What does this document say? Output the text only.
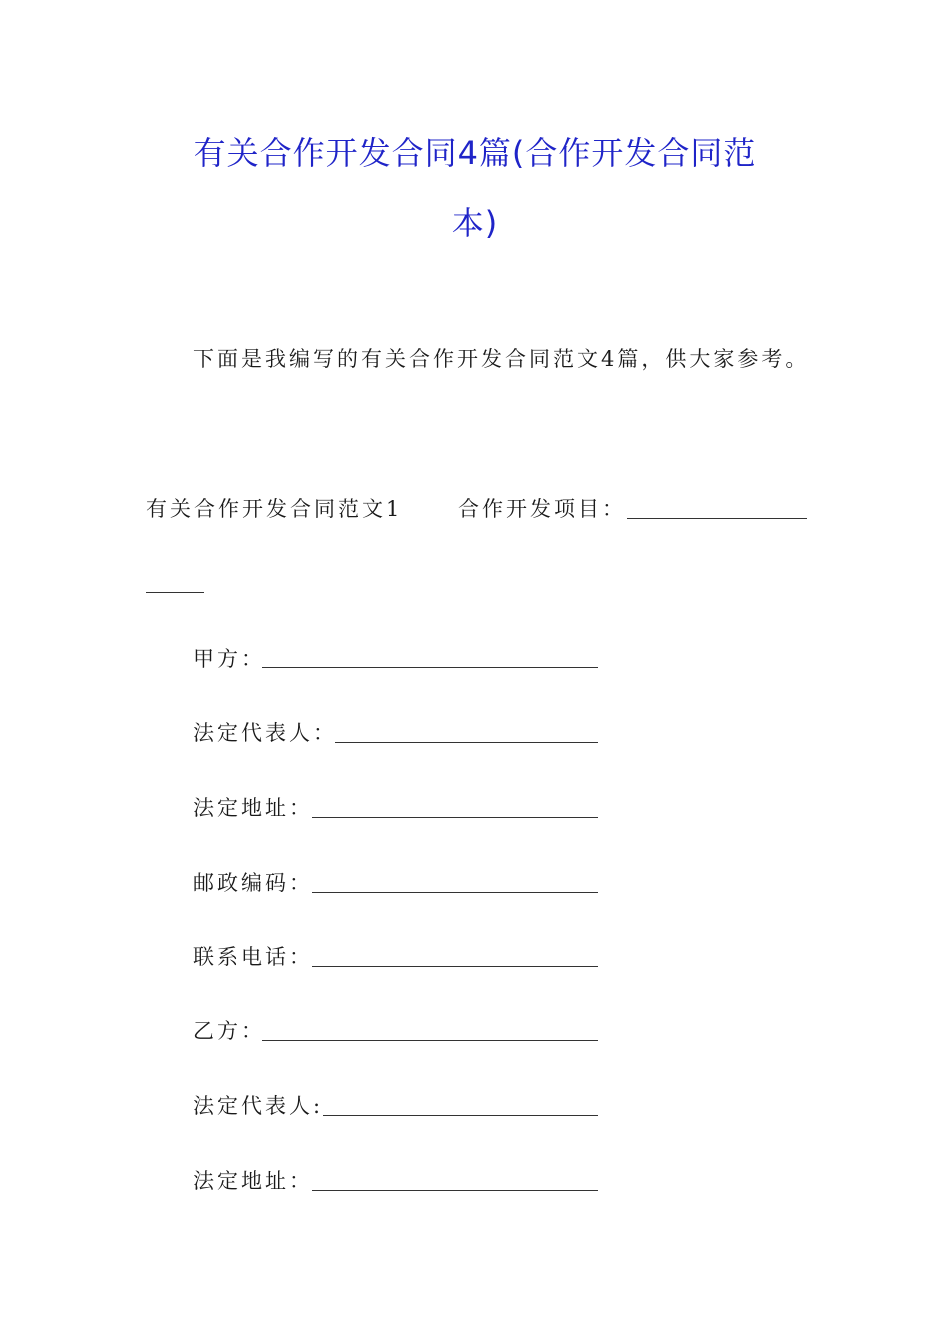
有关合作开发合同4篇(合作开发合同范
本)
下面是我编写的有关合作开发合同范文4篇，供大家参考。
有关合作开发合同范文1	合作开发项目：
甲方：
法定代表人：
法定地址：
邮政编码：
联系电话：
乙方：
法定代表人:
法定地址：
